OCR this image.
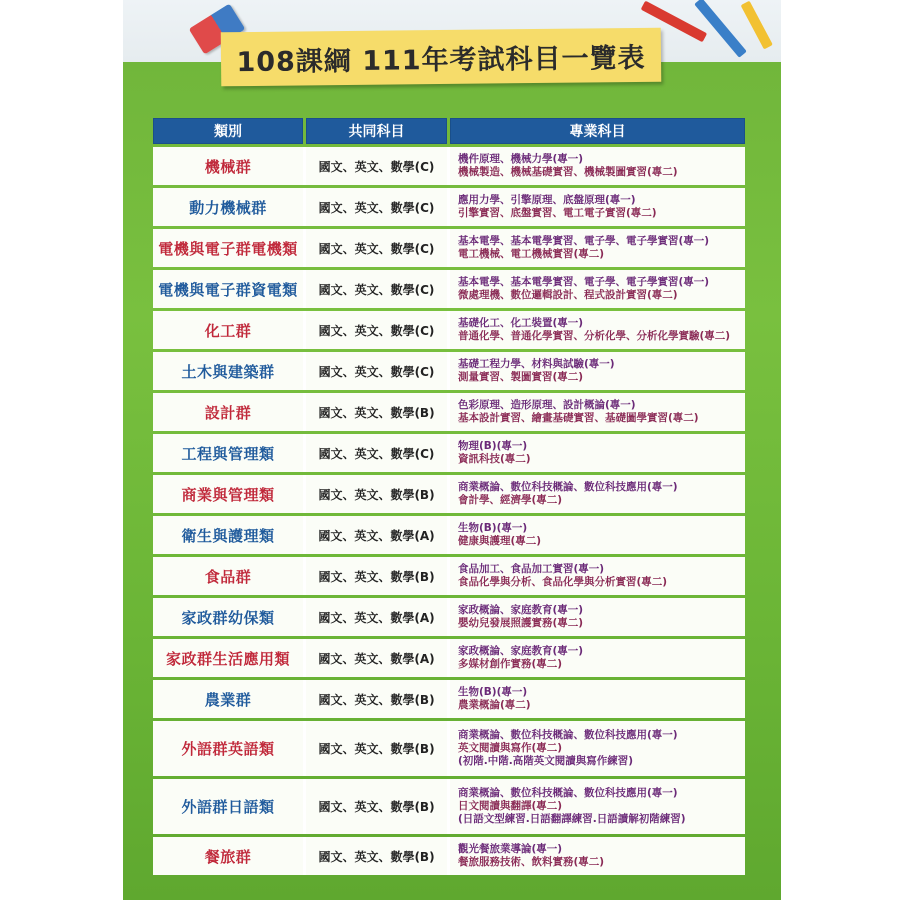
108課綱 111年考試科目一覽表
類別	共同科目	專業科目
機械群	國文、英文、數學(C)
機件原理、機械力學(專一)
機械製造、機械基礎實習、機械製圖實習(專二)
動力機械群	國文、英文、數學(C)
應用力學、引擎原理、底盤原理(專一)
引擎實習、底盤實習、電工電子實習(專二)
電機與電子群電機類	國文、英文、數學(C)
基本電學、基本電學實習、電子學、電子學實習(專一)
電工機械、電工機械實習(專二)
電機與電子群資電類	國文、英文、數學(C)
基本電學、基本電學實習、電子學、電子學實習(專一)
微處理機、數位邏輯設計、程式設計實習(專二)
化工群	國文、英文、數學(C)
基礎化工、化工裝置(專一)
普通化學、普通化學實習、分析化學、分析化學實驗(專二)
土木與建築群	國文、英文、數學(C)
基礎工程力學、材料與試驗(專一)
測量實習、製圖實習(專二)
設計群	國文、英文、數學(B)
色彩原理、造形原理、設計概論(專一)
基本設計實習、繪畫基礎實習、基礎圖學實習(專二)
工程與管理類	國文、英文、數學(C)
物理(B)(專一)
資訊科技(專二)
商業與管理類	國文、英文、數學(B)
商業概論、數位科技概論、數位科技應用(專一)
會計學、經濟學(專二)
衛生與護理類	國文、英文、數學(A)
生物(B)(專一)
健康與護理(專二)
食品群	國文、英文、數學(B)
食品加工、食品加工實習(專一)
食品化學與分析、食品化學與分析實習(專二)
家政群幼保類	國文、英文、數學(A)
家政概論、家庭教育(專一)
嬰幼兒發展照護實務(專二)
家政群生活應用類	國文、英文、數學(A)
家政概論、家庭教育(專一)
多媒材創作實務(專二)
農業群	國文、英文、數學(B)
生物(B)(專一)
農業概論(專二)
外語群英語類	國文、英文、數學(B)
商業概論、數位科技概論、數位科技應用(專一)
英文閱讀與寫作(專二)
(初階.中階.高階英文閱讀與寫作練習)
外語群日語類	國文、英文、數學(B)
商業概論、數位科技概論、數位科技應用(專一)
日文閱讀與翻譯(專二)
(日語文型練習.日語翻譯練習.日語讀解初階練習)
餐旅群	國文、英文、數學(B)
觀光餐旅業導論(專一)
餐旅服務技術、飲料實務(專二)
